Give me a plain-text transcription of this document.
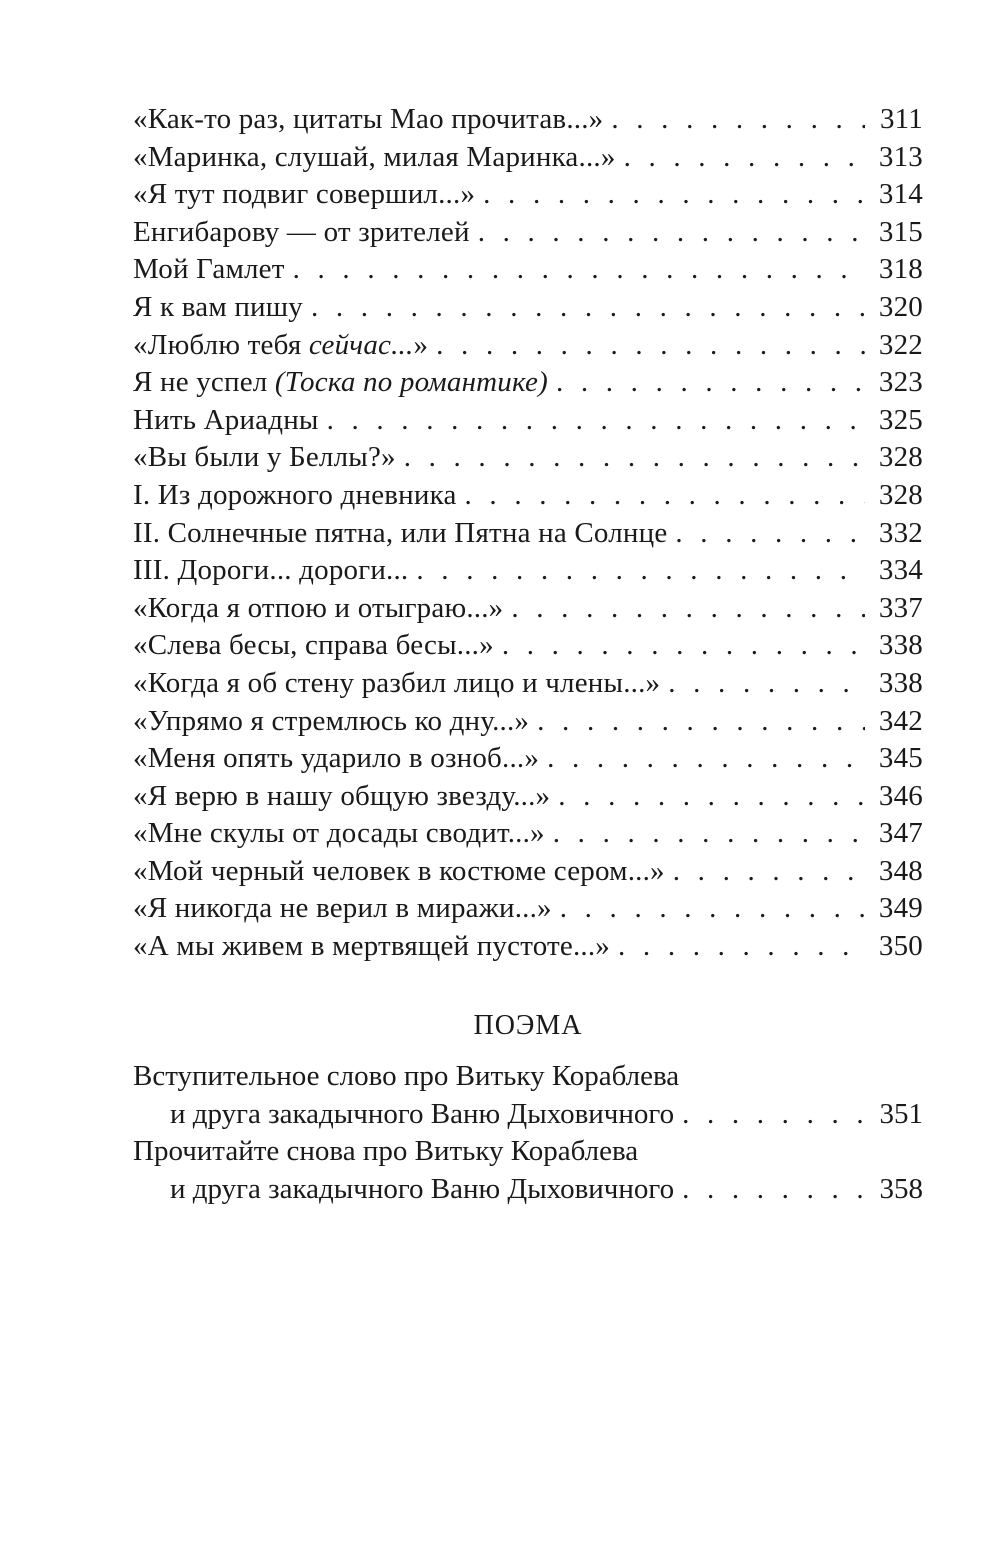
«Как-то раз, цитаты Мао прочитав...» . . .	311
«Маринка, слушай, милая Маринка...» . . .	313
«Я тут подвиг совершил...» . . .	314
Енгибарову — от зрителей . . .	315
Мой Гамлет . . .	318
Я к вам пишу . . .	320
«Люблю тебя сейчас...» . . .	322
Я не успел (Тоска по романтике) . . .	323
Нить Ариадны . . .	325
«Вы были у Беллы?» . . .	328
I. Из дорожного дневника . . .	328
II. Солнечные пятна, или Пятна на Солнце . . .	332
III. Дороги... дороги... . . .	334
«Когда я отпою и отыграю...» . . .	337
«Слева бесы, справа бесы...» . . .	338
«Когда я об стену разбил лицо и члены...» . . .	338
«Упрямо я стремлюсь ко дну...» . . .	342
«Меня опять ударило в озноб...» . . .	345
«Я верю в нашу общую звезду...» . . .	346
«Мне скулы от досады сводит...» . . .	347
«Мой черный человек в костюме сером...» . . .	348
«Я никогда не верил в миражи...» . . .	349
«А мы живем в мертвящей пустоте...» . . .	350
ПОЭМА
Вступительное слово про Витьку Кораблева
и друга закадычного Ваню Дыховичного . . .	351
Прочитайте снова про Витьку Кораблева
и друга закадычного Ваню Дыховичного . . .	358
